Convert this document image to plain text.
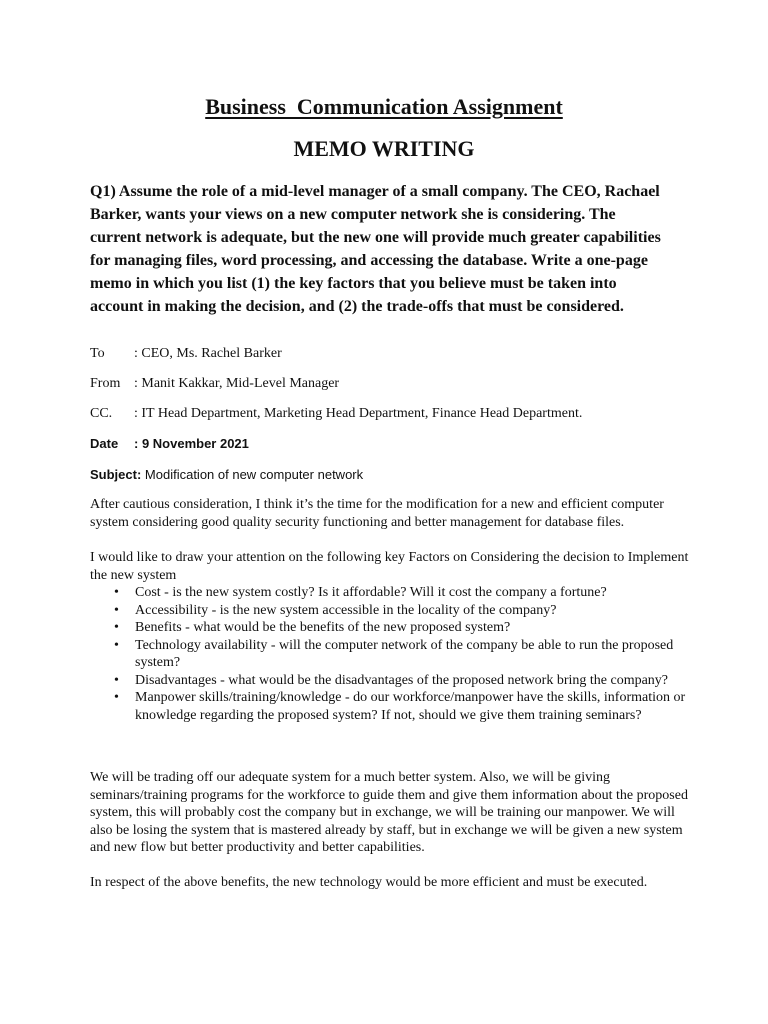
Business  Communication Assignment
MEMO WRITING

Q1) Assume the role of a mid-level manager of a small company. The CEO, Rachael Barker, wants your views on a new computer network she is considering. The current network is adequate, but the new one will provide much greater capabilities for managing files, word processing, and accessing the database. Write a one-page memo in which you list (1) the key factors that you believe must be taken into account in making the decision, and (2) the trade-offs that must be considered.

To : CEO, Ms. Rachel Barker
From : Manit Kakkar, Mid-Level Manager
CC. : IT Head Department, Marketing Head Department, Finance Head Department.
Date : 9 November 2021
Subject: Modification of new computer network

After cautious consideration, I think it’s the time for the modification for a new and efficient computer system considering good quality security functioning and better management for database files.

I would like to draw your attention on the following key Factors on Considering the decision to Implement the new system

• Cost - is the new system costly? Is it affordable? Will it cost the company a fortune?
• Accessibility - is the new system accessible in the locality of the company?
• Benefits - what would be the benefits of the new proposed system?
• Technology availability - will the computer network of the company be able to run the proposed system?
• Disadvantages - what would be the disadvantages of the proposed network bring the company?
• Manpower skills/training/knowledge - do our workforce/manpower have the skills, information or knowledge regarding the proposed system? If not, should we give them training seminars?

We will be trading off our adequate system for a much better system. Also, we will be giving seminars/training programs for the workforce to guide them and give them information about the proposed system, this will probably cost the company but in exchange, we will be training our manpower. We will also be losing the system that is mastered already by staff, but in exchange we will be given a new system and new flow but better productivity and better capabilities.

In respect of the above benefits, the new technology would be more efficient and must be executed.
